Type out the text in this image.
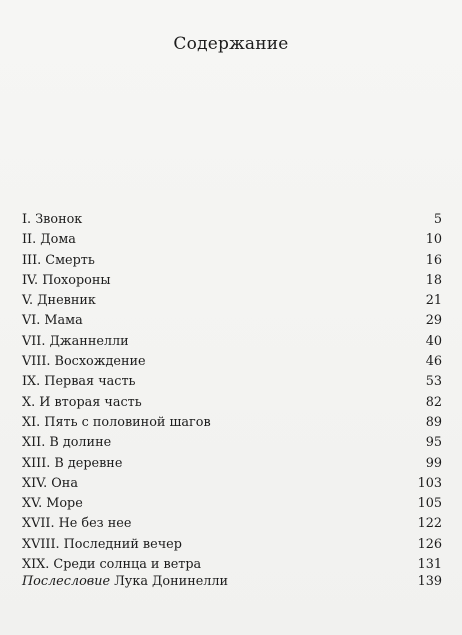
Содержание
I. Звонок	5
II. Дома	10
III. Смерть	16
IV. Похороны	18
V. Дневник	21
VI. Мама	29
VII. Джаннелли	40
VIII. Восхождение	46
IX. Первая часть	53
X. И вторая часть	82
XI. Пять с половиной шагов	89
XII. В долине	95
XIII. В деревне	99
XIV. Она	103
XV. Море	105
XVII. Не без нее	122
XVIII. Последний вечер	126
XIX. Среди солнца и ветра	131
Послесловие Лука Донинелли	139
